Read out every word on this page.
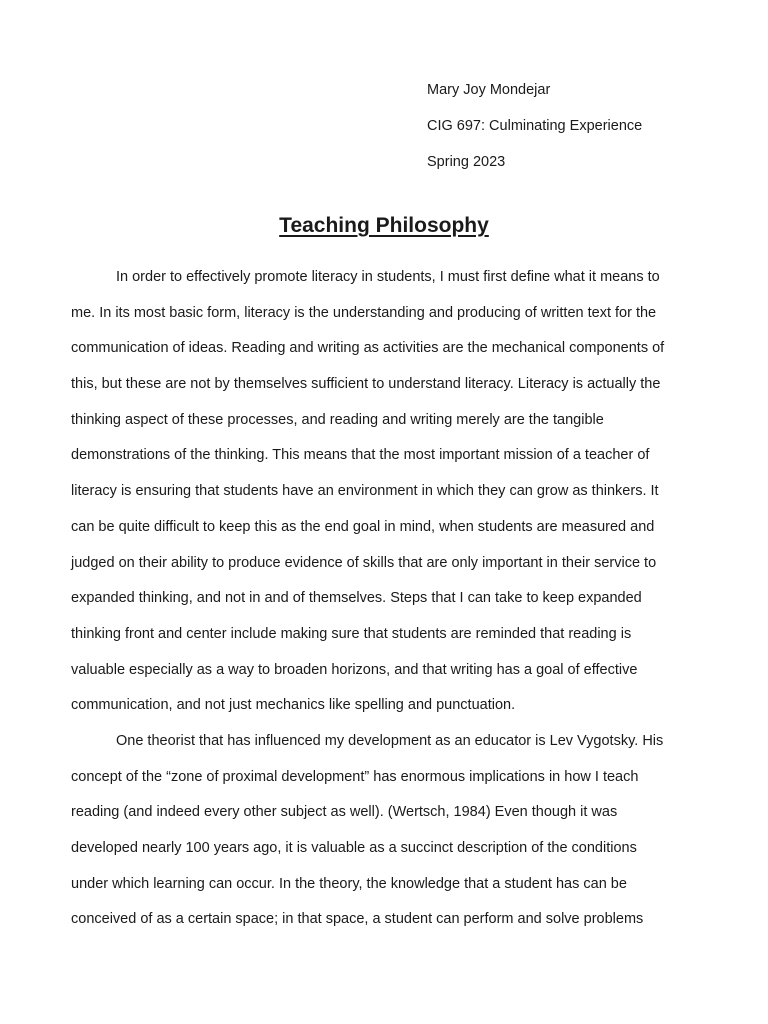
Mary Joy Mondejar
CIG 697: Culminating Experience
Spring 2023
Teaching Philosophy
In order to effectively promote literacy in students, I must first define what it means to
me. In its most basic form, literacy is the understanding and producing of written text for the
communication of ideas. Reading and writing as activities are the mechanical components of
this, but these are not by themselves sufficient to understand literacy. Literacy is actually the
thinking aspect of these processes, and reading and writing merely are the tangible
demonstrations of the thinking. This means that the most important mission of a teacher of
literacy is ensuring that students have an environment in which they can grow as thinkers. It
can be quite difficult to keep this as the end goal in mind, when students are measured and
judged on their ability to produce evidence of skills that are only important in their service to
expanded thinking, and not in and of themselves. Steps that I can take to keep expanded
thinking front and center include making sure that students are reminded that reading is
valuable especially as a way to broaden horizons, and that writing has a goal of effective
communication, and not just mechanics like spelling and punctuation.
One theorist that has influenced my development as an educator is Lev Vygotsky. His
concept of the “zone of proximal development” has enormous implications in how I teach
reading (and indeed every other subject as well). (Wertsch, 1984) Even though it was
developed nearly 100 years ago, it is valuable as a succinct description of the conditions
under which learning can occur. In the theory, the knowledge that a student has can be
conceived of as a certain space; in that space, a student can perform and solve problems
